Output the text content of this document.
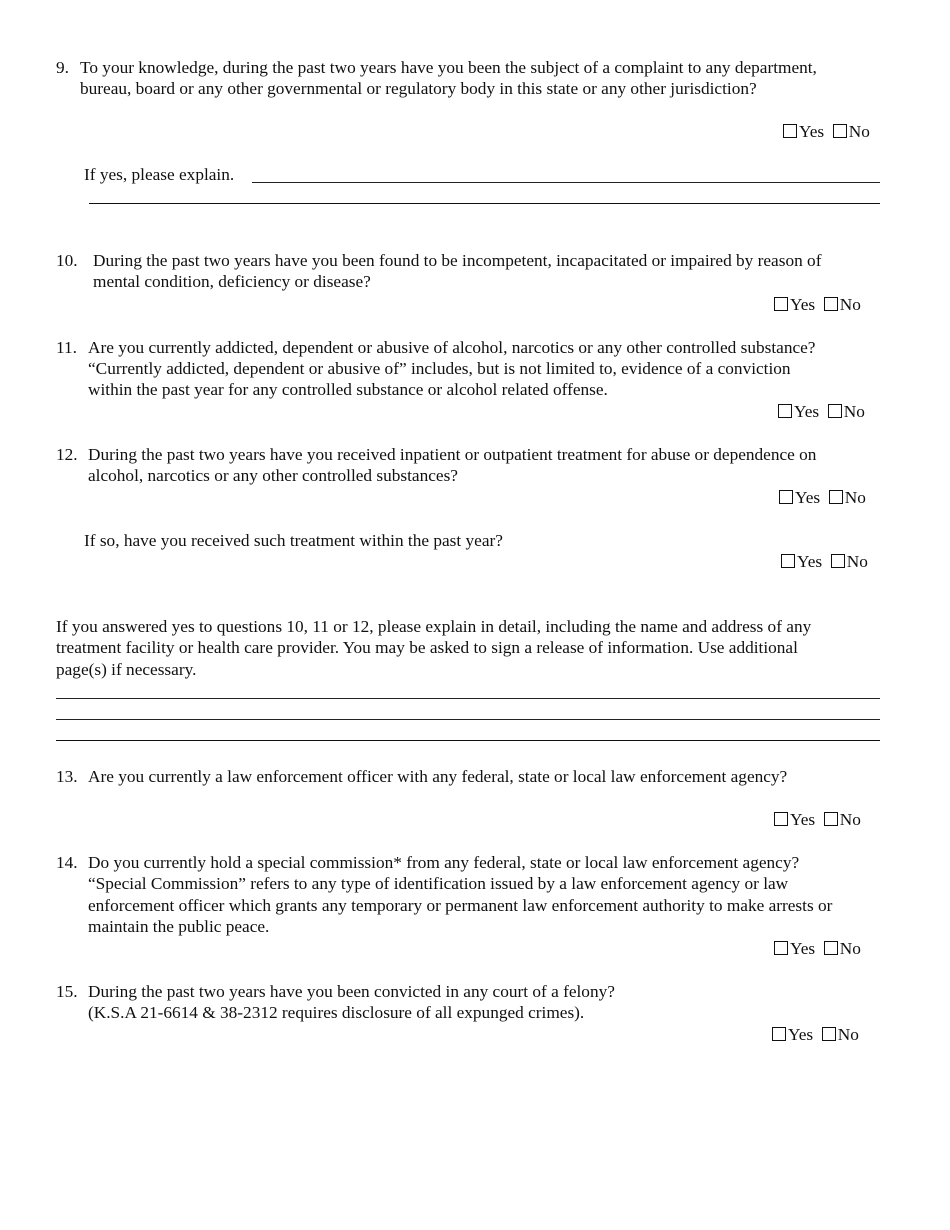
9. To your knowledge, during the past two years have you been the subject of a complaint to any department,
bureau, board or any other governmental or regulatory body in this state or any other jurisdiction?
Yes No
If yes, please explain.
10. During the past two years have you been found to be incompetent, incapacitated or impaired by reason of
mental condition, deficiency or disease?
Yes No
11. Are you currently addicted, dependent or abusive of alcohol, narcotics or any other controlled substance?
“Currently addicted, dependent or abusive of” includes, but is not limited to, evidence of a conviction
within the past year for any controlled substance or alcohol related offense.
Yes No
12. During the past two years have you received inpatient or outpatient treatment for abuse or dependence on
alcohol, narcotics or any other controlled substances?
Yes No
If so, have you received such treatment within the past year?
Yes No
If you answered yes to questions 10, 11 or 12, please explain in detail, including the name and address of any
treatment facility or health care provider. You may be asked to sign a release of information. Use additional
page(s) if necessary.
13. Are you currently a law enforcement officer with any federal, state or local law enforcement agency?
Yes No
14. Do you currently hold a special commission* from any federal, state or local law enforcement agency?
“Special Commission” refers to any type of identification issued by a law enforcement agency or law
enforcement officer which grants any temporary or permanent law enforcement authority to make arrests or
maintain the public peace.
Yes No
15. During the past two years have you been convicted in any court of a felony?
(K.S.A 21-6614 & 38-2312 requires disclosure of all expunged crimes).
Yes No
